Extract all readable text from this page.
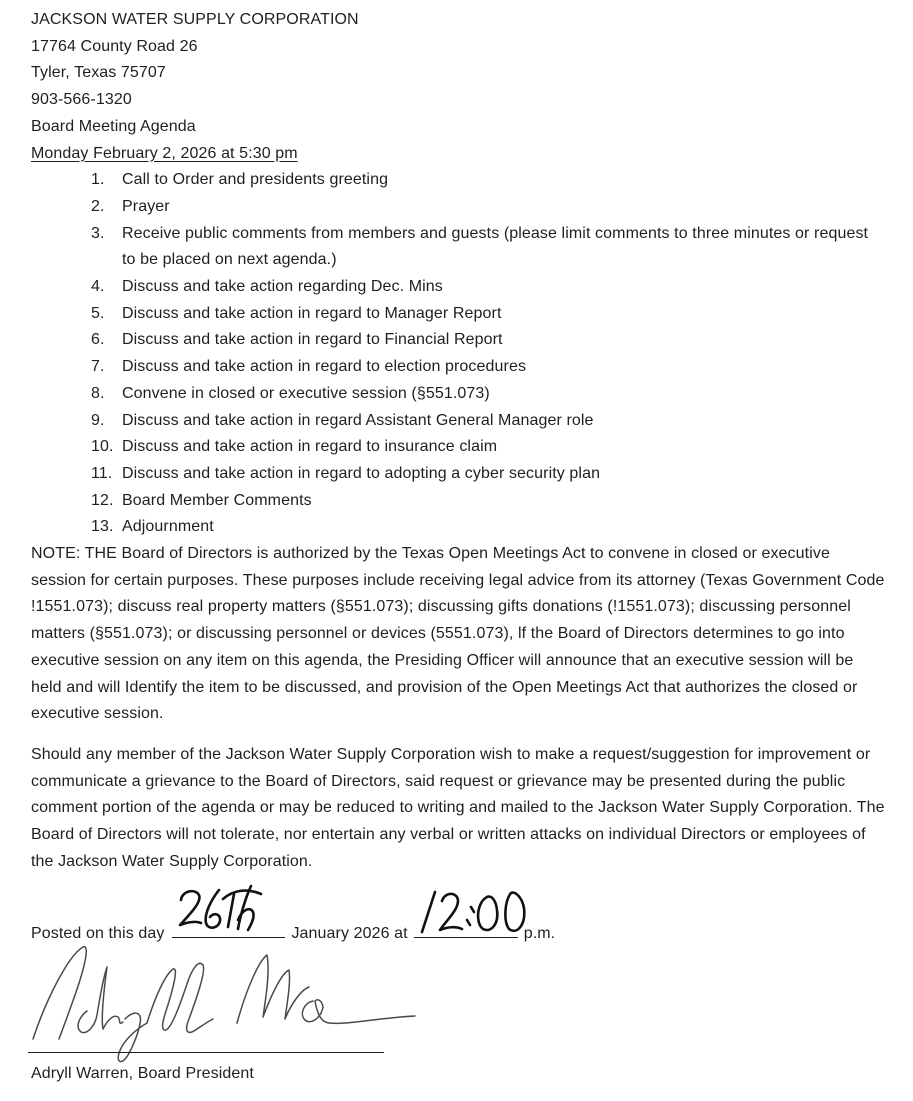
JACKSON WATER SUPPLY CORPORATION
17764 County Road 26
Tyler, Texas 75707
903-566-1320
Board Meeting Agenda
Monday February 2, 2026 at 5:30 pm
1.	Call to Order and presidents greeting
2.	Prayer
3.	Receive public comments from members and guests (please limit comments to three minutes or request to be placed on next agenda.)
4.	Discuss and take action regarding Dec. Mins
5.	Discuss and take action in regard to Manager Report
6.	Discuss and take action in regard to Financial Report
7.	Discuss and take action in regard to election procedures
8.	Convene in closed or executive session (§551.073)
9.	Discuss and take action in regard Assistant General Manager role
10. Discuss and take action in regard to insurance claim
11. Discuss and take action in regard to adopting a cyber security plan
12. Board Member Comments
13. Adjournment

NOTE: THE Board of Directors is authorized by the Texas Open Meetings Act to convene in closed or executive session for certain purposes. These purposes include receiving legal advice from its attorney (Texas Government Code !1551.073); discuss real property matters (§551.073); discussing gifts donations (!1551.073); discussing personnel matters (§551.073); or discussing personnel or devices (5551.073), lf the Board of Directors determines to go into executive session on any item on this agenda, the Presiding Officer will announce that an executive session will be held and will Identify the item to be discussed, and provision of the Open Meetings Act that authorizes the closed or executive session.

Should any member of the Jackson Water Supply Corporation wish to make a request/suggestion for improvement or communicate a grievance to the Board of Directors, said request or grievance may be presented during the public comment portion of the agenda or may be reduced to writing and mailed to the Jackson Water Supply Corporation. The Board of Directors will not tolerate, nor entertain any verbal or written attacks on individual Directors or employees of the Jackson Water Supply Corporation.

Posted on this day	January 2026 at	p.m.
Adryll Warren, Board President
